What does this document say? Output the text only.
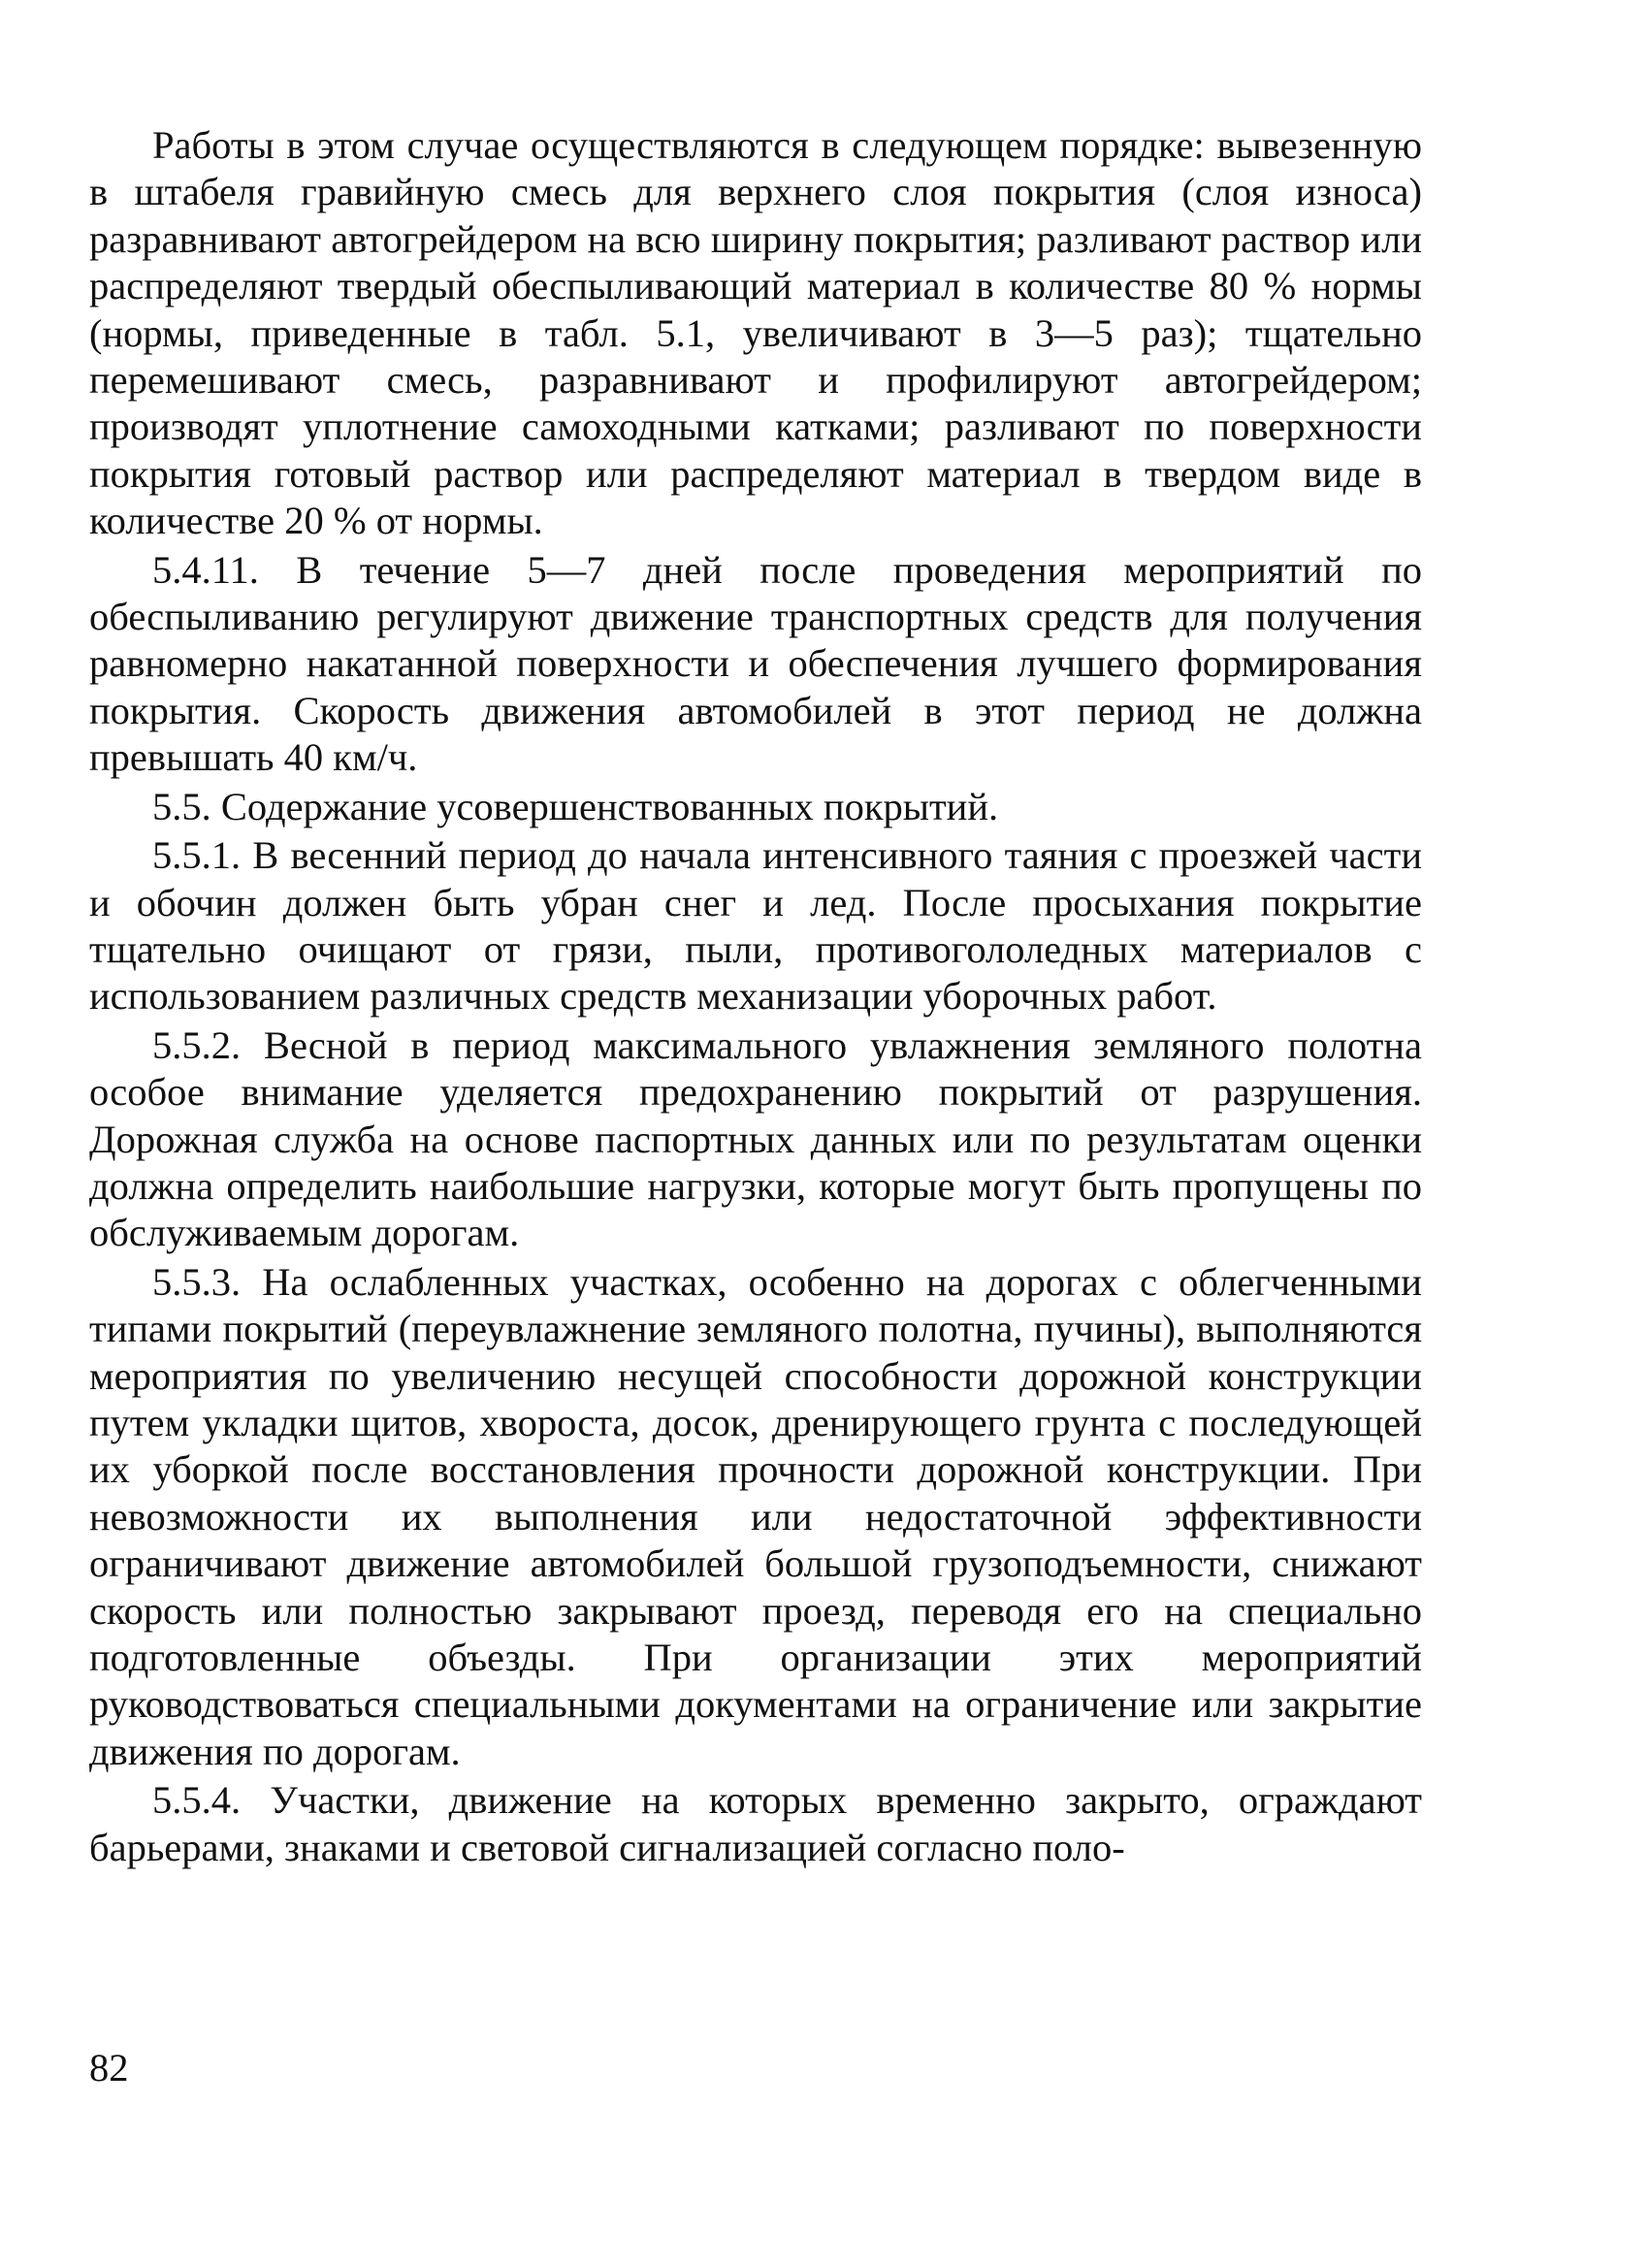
Работы в этом случае осуществляются в следующем порядке: вывезенную в штабеля гравийную смесь для верхнего слоя покрытия (слоя износа) разравнивают автогрейдером на всю ширину покрытия; разливают раствор или распределяют твердый обеспыливающий материал в количестве 80 % нормы (нормы, приведенные в табл. 5.1, увеличивают в 3—5 раз); тщательно перемешивают смесь, разравнивают и профилируют автогрейдером; производят уплотнение самоходными катками; разливают по поверхности покрытия готовый раствор или распределяют материал в твердом виде в количестве 20 % от нормы.

5.4.11. В течение 5—7 дней после проведения мероприятий по обеспыливанию регулируют движение транспортных средств для получения равномерно накатанной поверхности и обеспечения лучшего формирования покрытия. Скорость движения автомобилей в этот период не должна превышать 40 км/ч.

5.5. Содержание усовершенствованных покрытий.

5.5.1. В весенний период до начала интенсивного таяния с проезжей части и обочин должен быть убран снег и лед. После просыхания покрытие тщательно очищают от грязи, пыли, противогололедных материалов с использованием различных средств механизации уборочных работ.

5.5.2. Весной в период максимального увлажнения земляного полотна особое внимание уделяется предохранению покрытий от разрушения. Дорожная служба на основе паспортных данных или по результатам оценки должна определить наибольшие нагрузки, которые могут быть пропущены по обслуживаемым дорогам.

5.5.3. На ослабленных участках, особенно на дорогах с облегченными типами покрытий (переувлажнение земляного полотна, пучины), выполняются мероприятия по увеличению несущей способности дорожной конструкции путем укладки щитов, хвороста, досок, дренирующего грунта с последующей их уборкой после восстановления прочности дорожной конструкции. При невозможности их выполнения или недостаточной эффективности ограничивают движение автомобилей большой грузоподъемности, снижают скорость или полностью закрывают проезд, переводя его на специально подготовленные объезды. При организации этих мероприятий руководствоваться специальными документами на ограничение или закрытие движения по дорогам.

5.5.4. Участки, движение на которых временно закрыто, ограждают барьерами, знаками и световой сигнализацией согласно поло-

82
